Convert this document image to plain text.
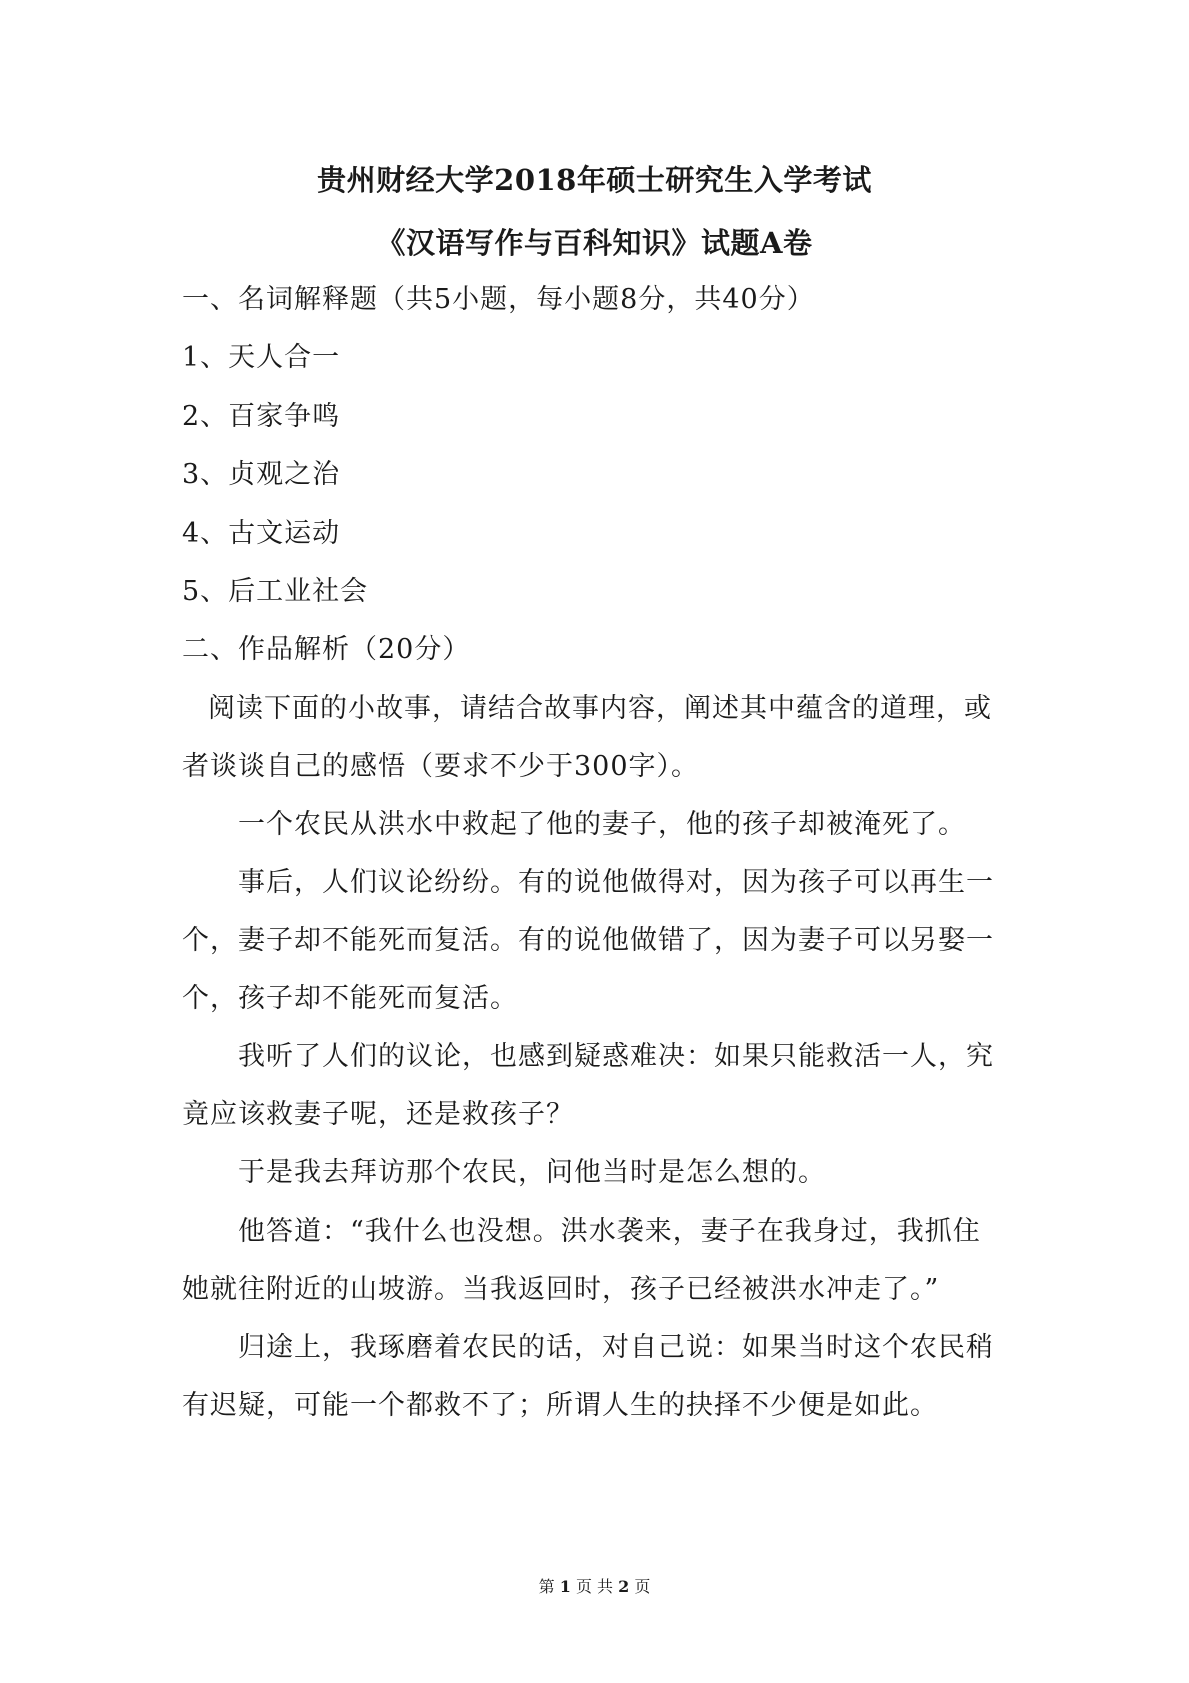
贵州财经大学2018年硕士研究生入学考试
《汉语写作与百科知识》试题A卷
一、名词解释题（共5小题，每小题8分，共40分）
1、天人合一
2、百家争鸣
3、贞观之治
4、古文运动
5、后工业社会
二、作品解析（20分）
阅读下面的小故事，请结合故事内容，阐述其中蕴含的道理，或
者谈谈自己的感悟（要求不少于300字）。
一个农民从洪水中救起了他的妻子，他的孩子却被淹死了。
事后，人们议论纷纷。有的说他做得对，因为孩子可以再生一
个，妻子却不能死而复活。有的说他做错了，因为妻子可以另娶一
个，孩子却不能死而复活。
我听了人们的议论，也感到疑惑难决：如果只能救活一人，究
竟应该救妻子呢，还是救孩子？
于是我去拜访那个农民，问他当时是怎么想的。
他答道：“我什么也没想。洪水袭来，妻子在我身过，我抓住
她就往附近的山坡游。当我返回时，孩子已经被洪水冲走了。”
归途上，我琢磨着农民的话，对自己说：如果当时这个农民稍
有迟疑，可能一个都救不了；所谓人生的抉择不少便是如此。
第 1 页 共 2 页
